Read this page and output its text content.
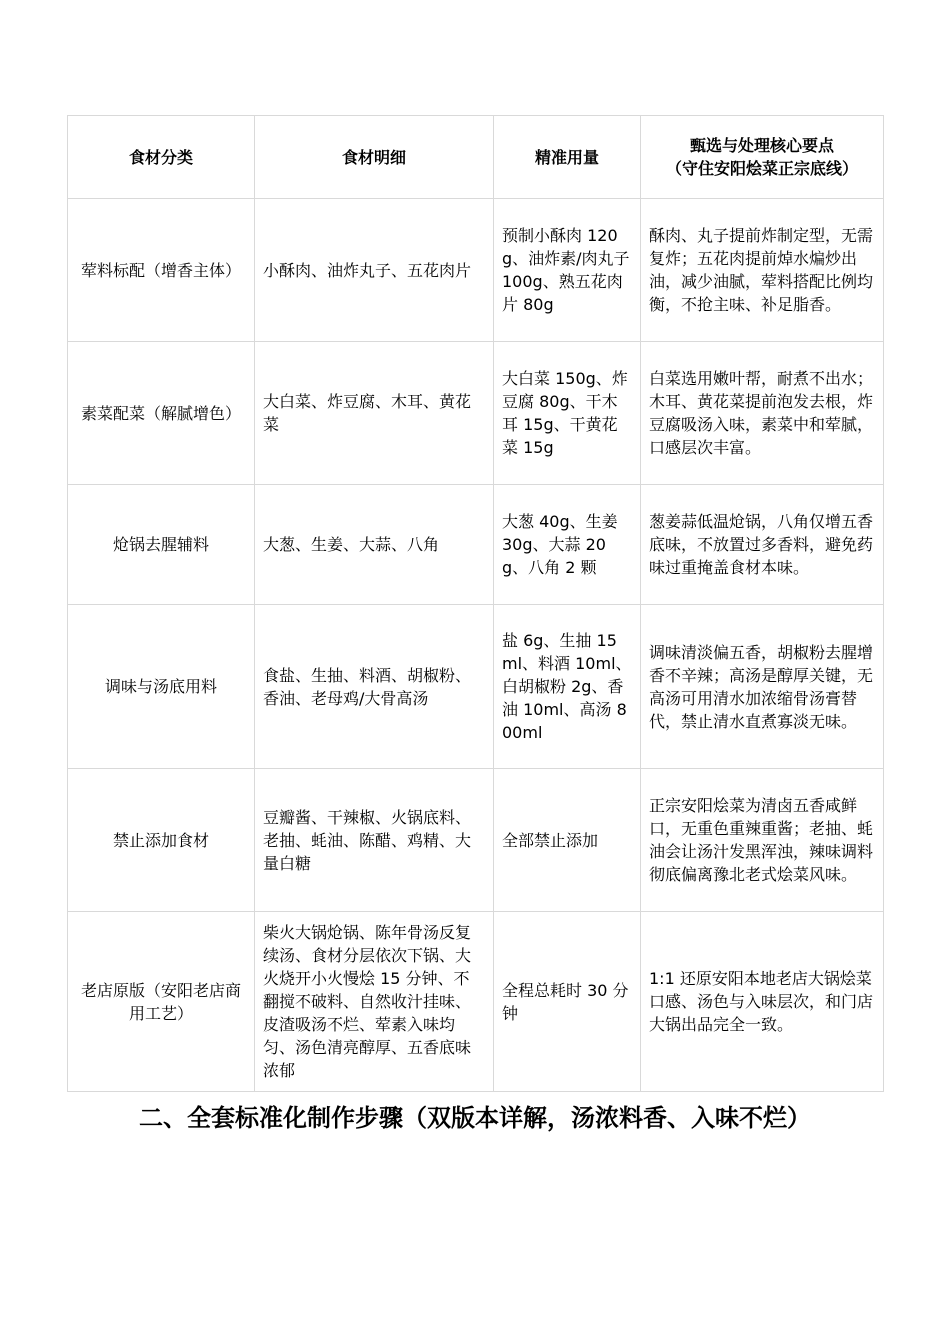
食材分类	食材明细	精准用量	甄选与处理核心要点
（守住安阳烩菜正宗底线）

荤料标配（增香主体）	小酥肉、油炸丸子、五花肉片	预制小酥肉 120g、油炸素/肉丸子 100g、熟五花肉片 80g	酥肉、丸子提前炸制定型，无需复炸；五花肉提前焯水煸炒出油，减少油腻，荤料搭配比例均衡，不抢主味、补足脂香。
素菜配菜（解腻增色）	大白菜、炸豆腐、木耳、黄花菜	大白菜 150g、炸豆腐 80g、干木耳 15g、干黄花菜 15g	白菜选用嫩叶帮，耐煮不出水；木耳、黄花菜提前泡发去根，炸豆腐吸汤入味，素菜中和荤腻，口感层次丰富。
炝锅去腥辅料	大葱、生姜、大蒜、八角	大葱 40g、生姜 30g、大蒜 20g、八角 2 颗	葱姜蒜低温炝锅，八角仅增五香底味，不放置过多香料，避免药味过重掩盖食材本味。
调味与汤底用料	食盐、生抽、料酒、胡椒粉、香油、老母鸡/大骨高汤	盐 6g、生抽 15ml、料酒 10ml、白胡椒粉 2g、香油 10ml、高汤 800ml	调味清淡偏五香，胡椒粉去腥增香不辛辣；高汤是醇厚关键，无高汤可用清水加浓缩骨汤膏替代，禁止清水直煮寡淡无味。
禁止添加食材	豆瓣酱、干辣椒、火锅底料、老抽、蚝油、陈醋、鸡精、大量白糖	全部禁止添加	正宗安阳烩菜为清卤五香咸鲜口，无重色重辣重酱；老抽、蚝油会让汤汁发黑浑浊，辣味调料彻底偏离豫北老式烩菜风味。
老店原版（安阳老店商用工艺）	柴火大锅炝锅、陈年骨汤反复续汤、食材分层依次下锅、大火烧开小火慢烩 15 分钟、不翻搅不破料、自然收汁挂味、皮渣吸汤不烂、荤素入味均匀、汤色清亮醇厚、五香底味浓郁	全程总耗时 30 分钟	1:1 还原安阳本地老店大锅烩菜口感、汤色与入味层次，和门店大锅出品完全一致。
二、全套标准化制作步骤（双版本详解，汤浓料香、入味不烂）
